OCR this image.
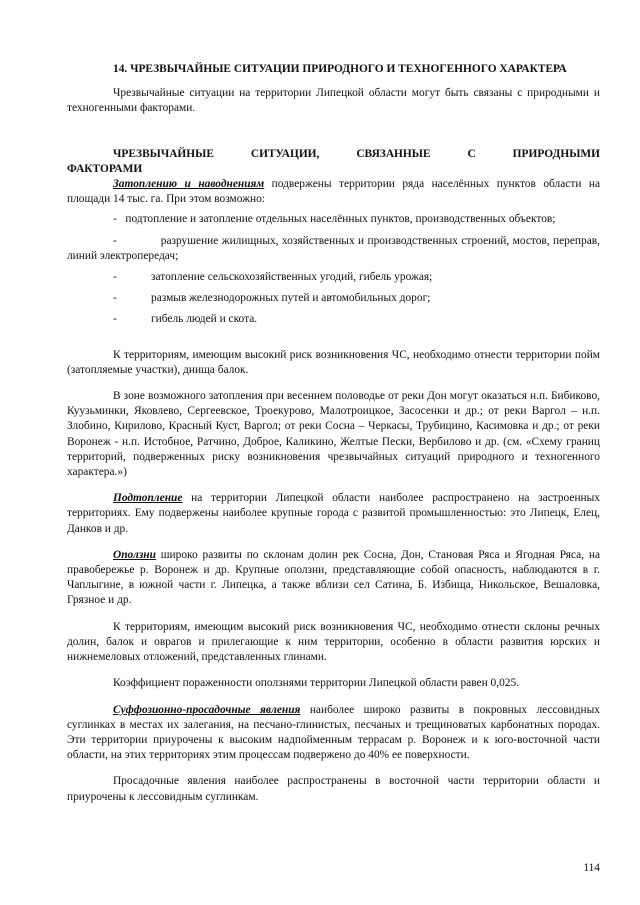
14. ЧРЕЗВЫЧАЙНЫЕ СИТУАЦИИ ПРИРОДНОГО И ТЕХНОГЕННОГО ХАРАКТЕРА

Чрезвычайные ситуации на территории Липецкой области могут быть связаны с природными и техногенными факторами.

ЧРЕЗВЫЧАЙНЫЕ СИТУАЦИИ, СВЯЗАННЫЕ С ПРИРОДНЫМИ ФАКТОРАМИ

Затоплению и наводнениям подвержены территории ряда населённых пунктов области на площади 14 тыс. га. При этом возможно:

- подтопление и затопление отдельных населённых пунктов, производственных объектов;

-	разрушение жилищных, хозяйственных и производственных строений, мостов, переправ, линий электропередач;

-	затопление сельскохозяйственных угодий, гибель урожая;

-	размыв железнодорожных путей и автомобильных дорог;

-	гибель людей и скота.

К территориям, имеющим высокий риск возникновения ЧС, необходимо отнести территории пойм (затопляемые участки), днища балок.

В зоне возможного затопления при весеннем половодье от реки Дон могут оказаться н.п. Бибиково, Куузьминки, Яковлево, Сергеевское, Троекурово, Малотроицкое, Засосенки и др.; от реки Варгол – н.п. Злобино, Кирилово, Красный Куст, Варгол; от реки Сосна – Черкасы, Трубицино, Касимовка и др.; от реки Воронеж - н.п. Истобное, Ратчино, Доброе, Каликино, Желтые Пески, Вербилово и др. (см. «Схему границ территорий, подверженных риску возникновения чрезвычайных ситуаций природного и техногенного характера.»)

Подтопление на территории Липецкой области наиболее распространено на застроенных территориях. Ему подвержены наиболее крупные города с развитой промышленностью: это Липецк, Елец, Данков и др.

Оползни широко развиты по склонам долин рек Сосна, Дон, Становая Ряса и Ягодная Ряса, на правобережье р. Воронеж и др. Крупные оползни, представляющие собой опасность, наблюдаются в г. Чаплыгине, в южной части г. Липецка, а также вблизи сел Сатина, Б. Избища, Никольское, Вешаловка, Грязное и др.

К территориям, имеющим высокий риск возникновения ЧС, необходимо отнести склоны речных долин, балок и оврагов и прилегающие к ним территории, особенно в области развития юрских и нижнемеловых отложений, представленных глинами.

Коэффициент пораженности оползнями территории Липецкой области равен 0,025.

Суффозионно-просадочные явления наиболее широко развиты в покровных лессовидных суглинках в местах их залегания, на песчано-глинистых, песчаных и трещиноватых карбонатных породах. Эти территории приурочены к высоким надпойменным террасам р. Воронеж и к юго-восточной части области, на этих территориях этим процессам подвержено до 40% ее поверхности.

Просадочные явления наиболее распространены в восточной части территории области и приурочены к лессовидным суглинкам.

114
